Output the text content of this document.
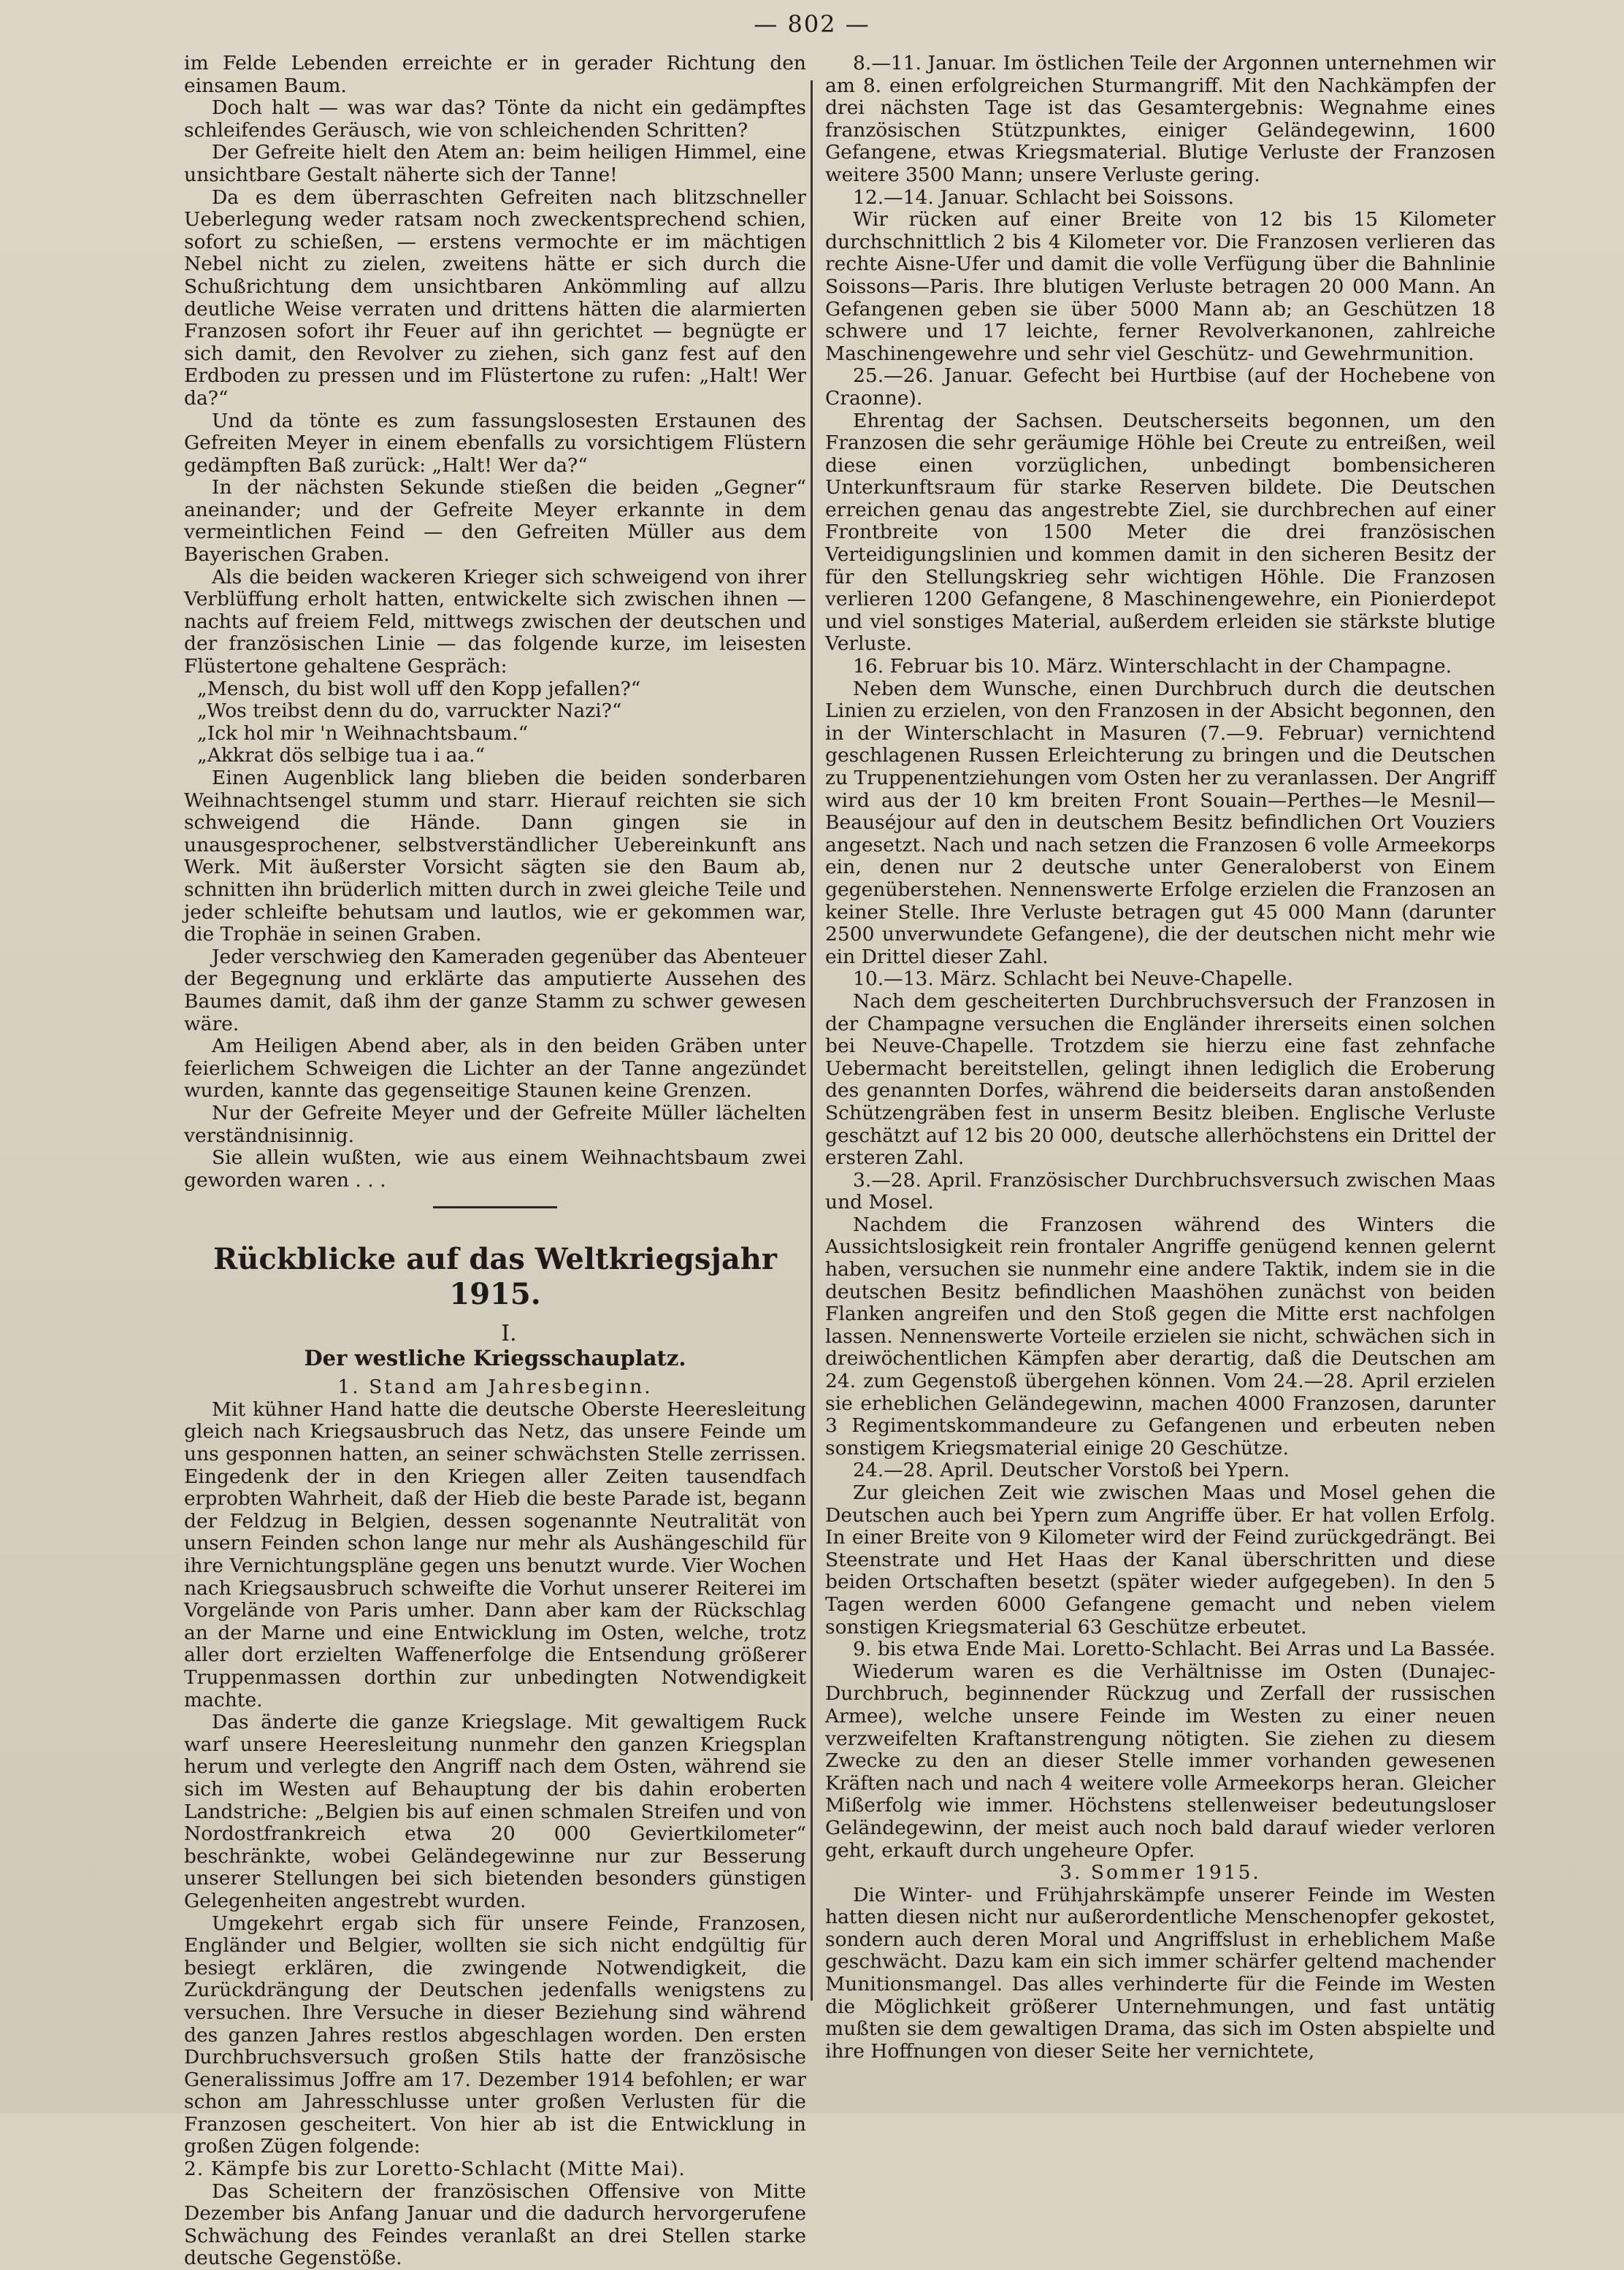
— 802 —

im Felde Lebenden erreichte er in gerader Richtung den einsamen Baum.

Doch halt — was war das? Tönte da nicht ein gedämpftes schleifendes Geräusch, wie von schleichenden Schritten?

Der Gefreite hielt den Atem an: beim heiligen Himmel, eine unsichtbare Gestalt näherte sich der Tanne!

Da es dem überraschten Gefreiten nach blitzschneller Ueberlegung weder ratsam noch zweckentsprechend schien, sofort zu schießen, — erstens vermochte er im mächtigen Nebel nicht zu zielen, zweitens hätte er sich durch die Schußrichtung dem unsichtbaren Ankömmling auf allzu deutliche Weise verraten und drittens hätten die alarmierten Franzosen sofort ihr Feuer auf ihn gerichtet — begnügte er sich damit, den Revolver zu ziehen, sich ganz fest auf den Erdboden zu pressen und im Flüstertone zu rufen: „Halt! Wer da?“

Und da tönte es zum fassungslosesten Erstaunen des Gefreiten Meyer in einem ebenfalls zu vorsichtigem Flüstern gedämpften Baß zurück: „Halt! Wer da?“

In der nächsten Sekunde stießen die beiden „Gegner“ aneinander; und der Gefreite Meyer erkannte in dem vermeintlichen Feind — den Gefreiten Müller aus dem Bayerischen Graben.

Als die beiden wackeren Krieger sich schweigend von ihrer Verblüffung erholt hatten, entwickelte sich zwischen ihnen — nachts auf freiem Feld, mittwegs zwischen der deutschen und der französischen Linie — das folgende kurze, im leisesten Flüstertone gehaltene Gespräch:

„Mensch, du bist woll uff den Kopp jefallen?“

„Wos treibst denn du do, varruckter Nazi?“

„Ick hol mir 'n Weihnachtsbaum.“

„Akkrat dös selbige tua i aa.“

Einen Augenblick lang blieben die beiden sonderbaren Weihnachtsengel stumm und starr. Hierauf reichten sie sich schweigend die Hände. Dann gingen sie in unausgesprochener, selbstverständlicher Uebereinkunft ans Werk. Mit äußerster Vorsicht sägten sie den Baum ab, schnitten ihn brüderlich mitten durch in zwei gleiche Teile und jeder schleifte behutsam und lautlos, wie er gekommen war, die Trophäe in seinen Graben.

Jeder verschwieg den Kameraden gegenüber das Abenteuer der Begegnung und erklärte das amputierte Aussehen des Baumes damit, daß ihm der ganze Stamm zu schwer gewesen wäre.

Am Heiligen Abend aber, als in den beiden Gräben unter feierlichem Schweigen die Lichter an der Tanne angezündet wurden, kannte das gegenseitige Staunen keine Grenzen.

Nur der Gefreite Meyer und der Gefreite Müller lächelten verständnisinnig.

Sie allein wußten, wie aus einem Weihnachtsbaum zwei geworden waren . . .

Rückblicke auf das Weltkriegsjahr 1915.

I.

Der westliche Kriegsschauplatz.

1. Stand am Jahresbeginn.

Mit kühner Hand hatte die deutsche Oberste Heeresleitung gleich nach Kriegsausbruch das Netz, das unsere Feinde um uns gesponnen hatten, an seiner schwächsten Stelle zerrissen. Eingedenk der in den Kriegen aller Zeiten tausendfach erprobten Wahrheit, daß der Hieb die beste Parade ist, begann der Feldzug in Belgien, dessen sogenannte Neutralität von unsern Feinden schon lange nur mehr als Aushängeschild für ihre Vernichtungspläne gegen uns benutzt wurde. Vier Wochen nach Kriegsausbruch schweifte die Vorhut unserer Reiterei im Vorgelände von Paris umher. Dann aber kam der Rückschlag an der Marne und eine Entwicklung im Osten, welche, trotz aller dort erzielten Waffenerfolge die Entsendung größerer Truppenmassen dorthin zur unbedingten Notwendigkeit machte.

Das änderte die ganze Kriegslage. Mit gewaltigem Ruck warf unsere Heeresleitung nunmehr den ganzen Kriegsplan herum und verlegte den Angriff nach dem Osten, während sie sich im Westen auf Behauptung der bis dahin eroberten Landstriche: „Belgien bis auf einen schmalen Streifen und von Nordostfrankreich etwa 20 000 Geviertkilometer“ beschränkte, wobei Geländegewinne nur zur Besserung unserer Stellungen bei sich bietenden besonders günstigen Gelegenheiten angestrebt wurden.

Umgekehrt ergab sich für unsere Feinde, Franzosen, Engländer und Belgier, wollten sie sich nicht endgültig für besiegt erklären, die zwingende Notwendigkeit, die Zurückdrängung der Deutschen jedenfalls wenigstens zu versuchen. Ihre Versuche in dieser Beziehung sind während des ganzen Jahres restlos abgeschlagen worden. Den ersten Durchbruchsversuch großen Stils hatte der französische Generalissimus Joffre am 17. Dezember 1914 befohlen; er war schon am Jahresschlusse unter großen Verlusten für die Franzosen gescheitert. Von hier ab ist die Entwicklung in großen Zügen folgende:

2. Kämpfe bis zur Loretto-Schlacht (Mitte Mai).

Das Scheitern der französischen Offensive von Mitte Dezember bis Anfang Januar und die dadurch hervorgerufene Schwächung des Feindes veranlaßt an drei Stellen starke deutsche Gegenstöße.

8.—11. Januar. Im östlichen Teile der Argonnen unternehmen wir am 8. einen erfolgreichen Sturmangriff. Mit den Nachkämpfen der drei nächsten Tage ist das Gesamtergebnis: Wegnahme eines französischen Stützpunktes, einiger Geländegewinn, 1600 Gefangene, etwas Kriegsmaterial. Blutige Verluste der Franzosen weitere 3500 Mann; unsere Verluste gering.

12.—14. Januar. Schlacht bei Soissons.

Wir rücken auf einer Breite von 12 bis 15 Kilometer durchschnittlich 2 bis 4 Kilometer vor. Die Franzosen verlieren das rechte Aisne-Ufer und damit die volle Verfügung über die Bahnlinie Soissons—Paris. Ihre blutigen Verluste betragen 20 000 Mann. An Gefangenen geben sie über 5000 Mann ab; an Geschützen 18 schwere und 17 leichte, ferner Revolverkanonen, zahlreiche Maschinengewehre und sehr viel Geschütz- und Gewehrmunition.

25.—26. Januar. Gefecht bei Hurtbise (auf der Hochebene von Craonne).

Ehrentag der Sachsen. Deutscherseits begonnen, um den Franzosen die sehr geräumige Höhle bei Creute zu entreißen, weil diese einen vorzüglichen, unbedingt bombensicheren Unterkunftsraum für starke Reserven bildete. Die Deutschen erreichen genau das angestrebte Ziel, sie durchbrechen auf einer Frontbreite von 1500 Meter die drei französischen Verteidigungslinien und kommen damit in den sicheren Besitz der für den Stellungskrieg sehr wichtigen Höhle. Die Franzosen verlieren 1200 Gefangene, 8 Maschinengewehre, ein Pionierdepot und viel sonstiges Material, außerdem erleiden sie stärkste blutige Verluste.

16. Februar bis 10. März. Winterschlacht in der Champagne.

Neben dem Wunsche, einen Durchbruch durch die deutschen Linien zu erzielen, von den Franzosen in der Absicht begonnen, den in der Winterschlacht in Masuren (7.—9. Februar) vernichtend geschlagenen Russen Erleichterung zu bringen und die Deutschen zu Truppenentziehungen vom Osten her zu veranlassen. Der Angriff wird aus der 10 km breiten Front Souain—Perthes—le Mesnil—Beauséjour auf den in deutschem Besitz befindlichen Ort Vouziers angesetzt. Nach und nach setzen die Franzosen 6 volle Armeekorps ein, denen nur 2 deutsche unter Generaloberst von Einem gegenüberstehen. Nennenswerte Erfolge erzielen die Franzosen an keiner Stelle. Ihre Verluste betragen gut 45 000 Mann (darunter 2500 unverwundete Gefangene), die der deutschen nicht mehr wie ein Drittel dieser Zahl.

10.—13. März. Schlacht bei Neuve-Chapelle.

Nach dem gescheiterten Durchbruchsversuch der Franzosen in der Champagne versuchen die Engländer ihrerseits einen solchen bei Neuve-Chapelle. Trotzdem sie hierzu eine fast zehnfache Uebermacht bereitstellen, gelingt ihnen lediglich die Eroberung des genannten Dorfes, während die beiderseits daran anstoßenden Schützengräben fest in unserm Besitz bleiben. Englische Verluste geschätzt auf 12 bis 20 000, deutsche allerhöchstens ein Drittel der ersteren Zahl.

3.—28. April. Französischer Durchbruchsversuch zwischen Maas und Mosel.

Nachdem die Franzosen während des Winters die Aussichtslosigkeit rein frontaler Angriffe genügend kennen gelernt haben, versuchen sie nunmehr eine andere Taktik, indem sie in die deutschen Besitz befindlichen Maashöhen zunächst von beiden Flanken angreifen und den Stoß gegen die Mitte erst nachfolgen lassen. Nennenswerte Vorteile erzielen sie nicht, schwächen sich in dreiwöchentlichen Kämpfen aber derartig, daß die Deutschen am 24. zum Gegenstoß übergehen können. Vom 24.—28. April erzielen sie erheblichen Geländegewinn, machen 4000 Franzosen, darunter 3 Regimentskommandeure zu Gefangenen und erbeuten neben sonstigem Kriegsmaterial einige 20 Geschütze.

24.—28. April. Deutscher Vorstoß bei Ypern.

Zur gleichen Zeit wie zwischen Maas und Mosel gehen die Deutschen auch bei Ypern zum Angriffe über. Er hat vollen Erfolg. In einer Breite von 9 Kilometer wird der Feind zurückgedrängt. Bei Steenstrate und Het Haas der Kanal überschritten und diese beiden Ortschaften besetzt (später wieder aufgegeben). In den 5 Tagen werden 6000 Gefangene gemacht und neben vielem sonstigen Kriegsmaterial 63 Geschütze erbeutet.

9. bis etwa Ende Mai. Loretto-Schlacht. Bei Arras und La Bassée.

Wiederum waren es die Verhältnisse im Osten (Dunajec-Durchbruch, beginnender Rückzug und Zerfall der russischen Armee), welche unsere Feinde im Westen zu einer neuen verzweifelten Kraftanstrengung nötigten. Sie ziehen zu diesem Zwecke zu den an dieser Stelle immer vorhanden gewesenen Kräften nach und nach 4 weitere volle Armeekorps heran. Gleicher Mißerfolg wie immer. Höchstens stellenweiser bedeutungsloser Geländegewinn, der meist auch noch bald darauf wieder verloren geht, erkauft durch ungeheure Opfer.

3. Sommer 1915.

Die Winter- und Frühjahrskämpfe unserer Feinde im Westen hatten diesen nicht nur außerordentliche Menschenopfer gekostet, sondern auch deren Moral und Angriffslust in erheblichem Maße geschwächt. Dazu kam ein sich immer schärfer geltend machender Munitionsmangel. Das alles verhinderte für die Feinde im Westen die Möglichkeit größerer Unternehmungen, und fast untätig mußten sie dem gewaltigen Drama, das sich im Osten abspielte und ihre Hoffnungen von dieser Seite her vernichtete,
